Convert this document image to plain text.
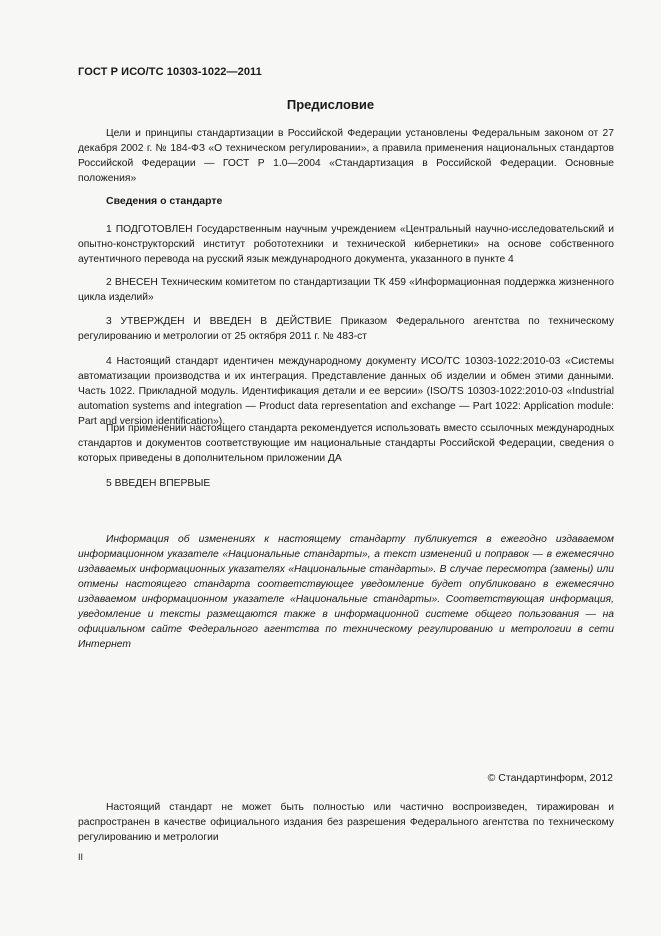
ГОСТ Р ИСО/ТС 10303-1022—2011
Предисловие
Цели и принципы стандартизации в Российской Федерации установлены Федеральным законом от 27 декабря 2002 г. № 184-ФЗ «О техническом регулировании», а правила применения национальных стандартов Российской Федерации — ГОСТ Р 1.0—2004 «Стандартизация в Российской Федерации. Основные положения»
Сведения о стандарте
1 ПОДГОТОВЛЕН Государственным научным учреждением «Центральный научно-исследовательский и опытно-конструкторский институт робототехники и технической кибернетики» на основе собственного аутентичного перевода на русский язык международного документа, указанного в пункте 4
2 ВНЕСЕН Техническим комитетом по стандартизации ТК 459 «Информационная поддержка жизненного цикла изделий»
3 УТВЕРЖДЕН И ВВЕДЕН В ДЕЙСТВИЕ Приказом Федерального агентства по техническому регулированию и метрологии от 25 октября 2011 г. № 483-ст
4 Настоящий стандарт идентичен международному документу ИСО/ТС 10303-1022:2010-03 «Системы автоматизации производства и их интеграция. Представление данных об изделии и обмен этими данными. Часть 1022. Прикладной модуль. Идентификация детали и ее версии» (ISO/TS 10303-1022:2010-03 «Industrial automation systems and integration — Product data representation and exchange — Part 1022: Application module: Part and version identification»).
При применении настоящего стандарта рекомендуется использовать вместо ссылочных международных стандартов и документов соответствующие им национальные стандарты Российской Федерации, сведения о которых приведены в дополнительном приложении ДА
5 ВВЕДЕН ВПЕРВЫЕ
Информация об изменениях к настоящему стандарту публикуется в ежегодно издаваемом информационном указателе «Национальные стандарты», а текст изменений и поправок — в ежемесячно издаваемых информационных указателях «Национальные стандарты». В случае пересмотра (замены) или отмены настоящего стандарта соответствующее уведомление будет опубликовано в ежемесячно издаваемом информационном указателе «Национальные стандарты». Соответствующая информация, уведомление и тексты размещаются также в информационной системе общего пользования — на официальном сайте Федерального агентства по техническому регулированию и метрологии в сети Интернет
© Стандартинформ, 2012
Настоящий стандарт не может быть полностью или частично воспроизведен, тиражирован и распространен в качестве официального издания без разрешения Федерального агентства по техническому регулированию и метрологии
II
